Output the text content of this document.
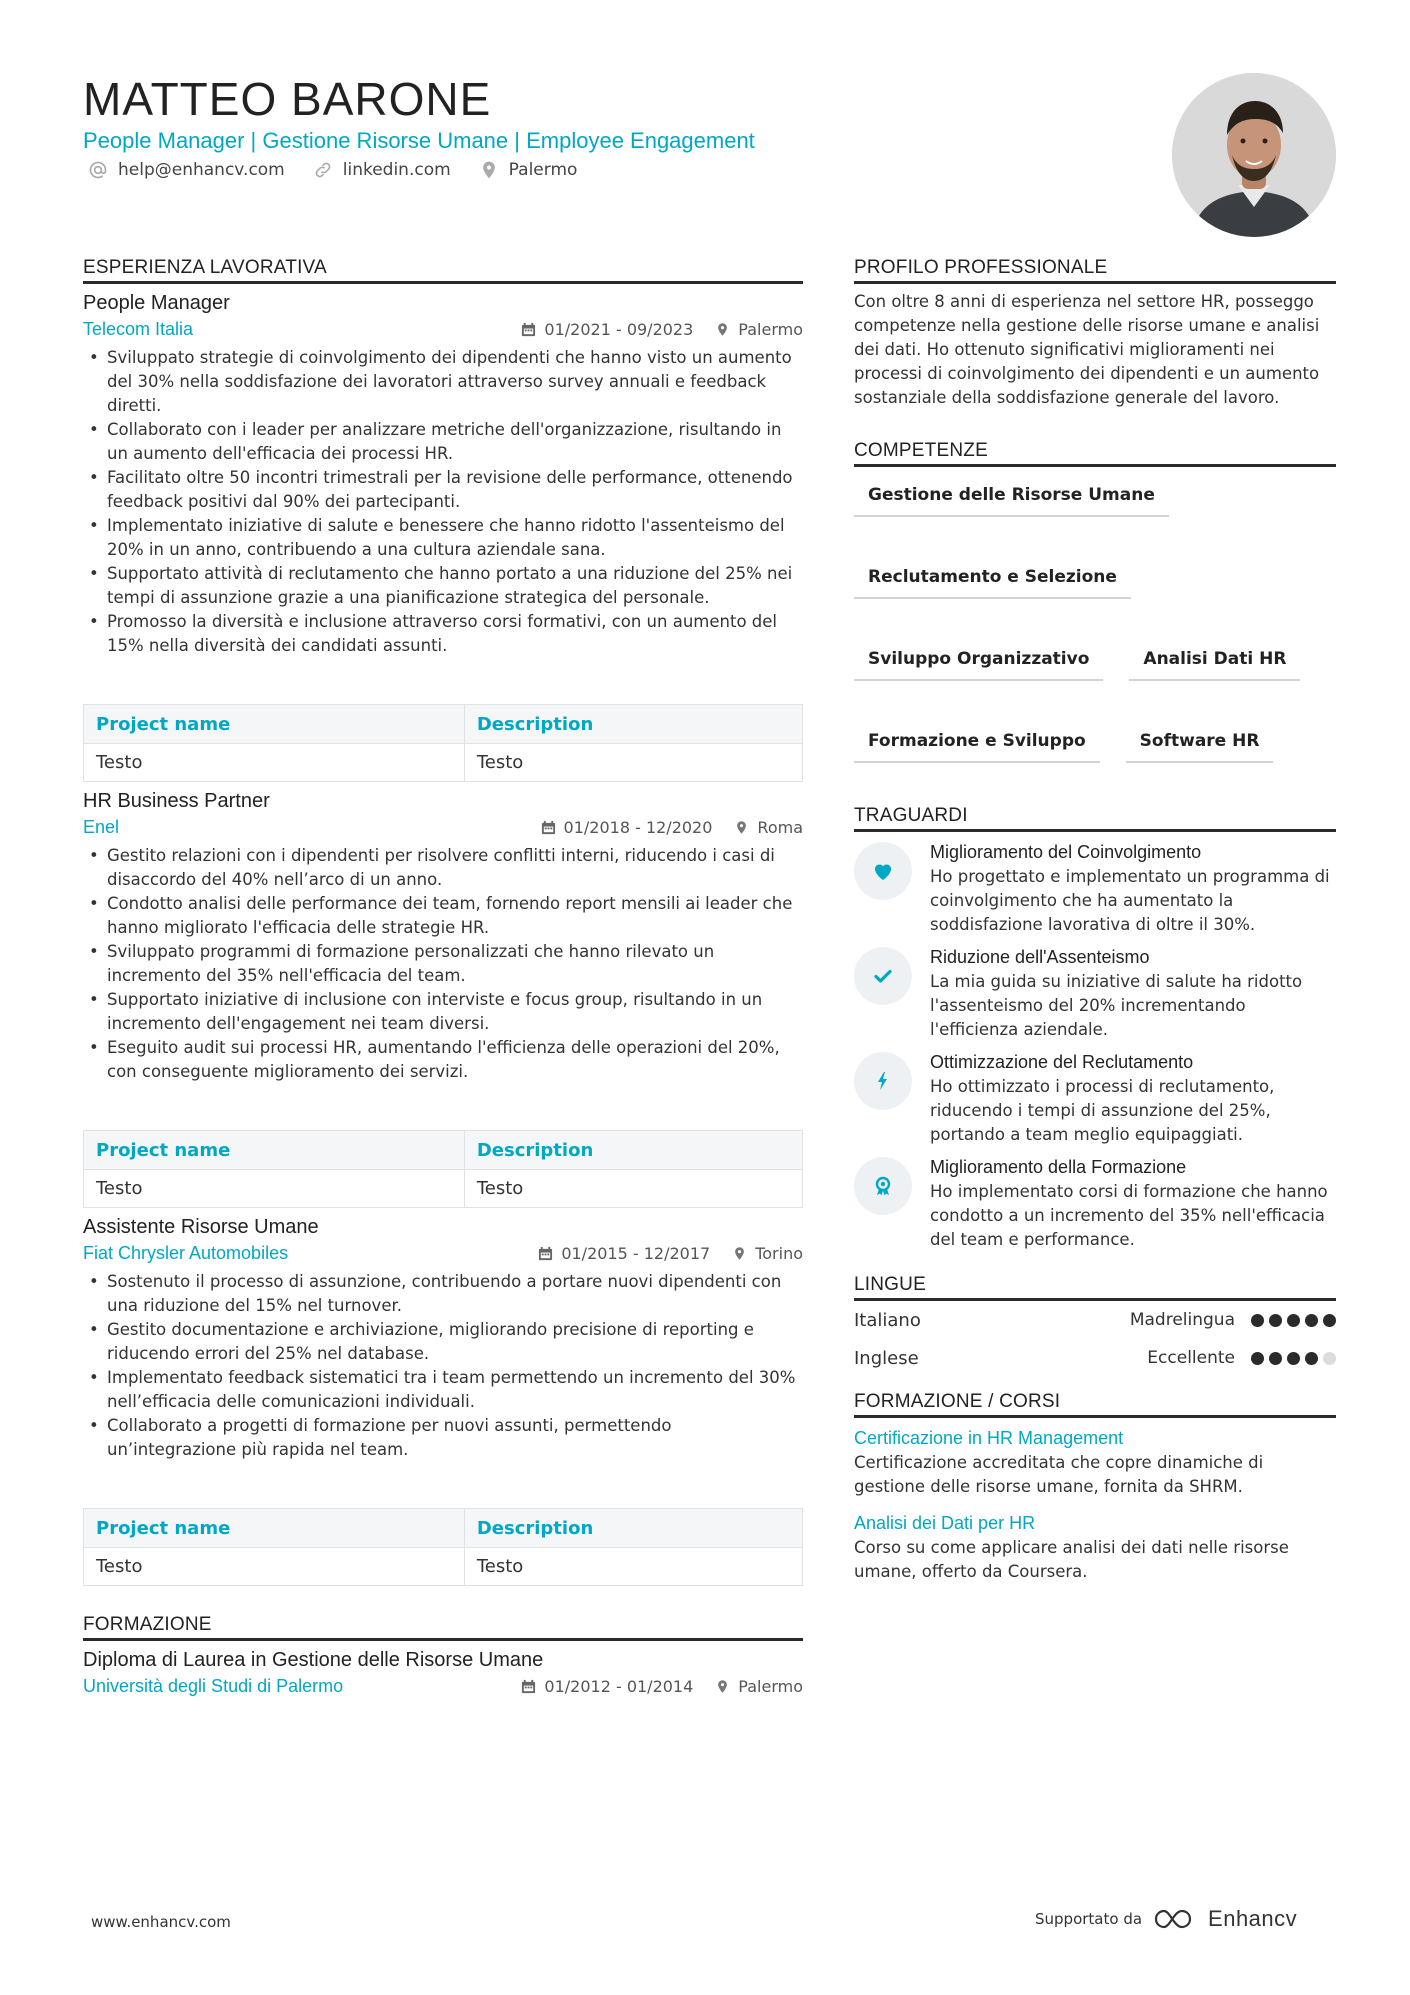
MATTEO BARONE
People Manager | Gestione Risorse Umane | Employee Engagement
help@enhancv.com	linkedin.com	Palermo
ESPERIENZA LAVORATIVA
People Manager
Telecom Italia	01/2021 - 09/2023	Palermo
• Sviluppato strategie di coinvolgimento dei dipendenti che hanno visto un aumento del 30% nella soddisfazione dei lavoratori attraverso survey annuali e feedback diretti.
• Collaborato con i leader per analizzare metriche dell'organizzazione, risultando in un aumento dell'efficacia dei processi HR.
• Facilitato oltre 50 incontri trimestrali per la revisione delle performance, ottenendo feedback positivi dal 90% dei partecipanti.
• Implementato iniziative di salute e benessere che hanno ridotto l'assenteismo del 20% in un anno, contribuendo a una cultura aziendale sana.
• Supportato attività di reclutamento che hanno portato a una riduzione del 25% nei tempi di assunzione grazie a una pianificazione strategica del personale.
• Promosso la diversità e inclusione attraverso corsi formativi, con un aumento del 15% nella diversità dei candidati assunti.
Project name	Description
Testo	Testo
HR Business Partner
Enel	01/2018 - 12/2020	Roma
• Gestito relazioni con i dipendenti per risolvere conflitti interni, riducendo i casi di disaccordo del 40% nell’arco di un anno.
• Condotto analisi delle performance dei team, fornendo report mensili ai leader che hanno migliorato l'efficacia delle strategie HR.
• Sviluppato programmi di formazione personalizzati che hanno rilevato un incremento del 35% nell'efficacia del team.
• Supportato iniziative di inclusione con interviste e focus group, risultando in un incremento dell'engagement nei team diversi.
• Eseguito audit sui processi HR, aumentando l'efficienza delle operazioni del 20%, con conseguente miglioramento dei servizi.
Project name	Description
Testo	Testo
Assistente Risorse Umane
Fiat Chrysler Automobiles	01/2015 - 12/2017	Torino
• Sostenuto il processo di assunzione, contribuendo a portare nuovi dipendenti con una riduzione del 15% nel turnover.
• Gestito documentazione e archiviazione, migliorando precisione di reporting e riducendo errori del 25% nel database.
• Implementato feedback sistematici tra i team permettendo un incremento del 30% nell’efficacia delle comunicazioni individuali.
• Collaborato a progetti di formazione per nuovi assunti, permettendo un’integrazione più rapida nel team.
Project name	Description
Testo	Testo
FORMAZIONE
Diploma di Laurea in Gestione delle Risorse Umane
Università degli Studi di Palermo	01/2012 - 01/2014	Palermo
PROFILO PROFESSIONALE
Con oltre 8 anni di esperienza nel settore HR, posseggo competenze nella gestione delle risorse umane e analisi dei dati. Ho ottenuto significativi miglioramenti nei processi di coinvolgimento dei dipendenti e un aumento sostanziale della soddisfazione generale del lavoro.
COMPETENZE
Gestione delle Risorse Umane
Reclutamento e Selezione
Sviluppo Organizzativo	Analisi Dati HR
Formazione e Sviluppo	Software HR
TRAGUARDI
Miglioramento del Coinvolgimento
Ho progettato e implementato un programma di coinvolgimento che ha aumentato la soddisfazione lavorativa di oltre il 30%.
Riduzione dell'Assenteismo
La mia guida su iniziative di salute ha ridotto l'assenteismo del 20% incrementando l'efficienza aziendale.
Ottimizzazione del Reclutamento
Ho ottimizzato i processi di reclutamento, riducendo i tempi di assunzione del 25%, portando a team meglio equipaggiati.
Miglioramento della Formazione
Ho implementato corsi di formazione che hanno condotto a un incremento del 35% nell'efficacia del team e performance.
LINGUE
Italiano	Madrelingua
Inglese	Eccellente
FORMAZIONE / CORSI
Certificazione in HR Management
Certificazione accreditata che copre dinamiche di gestione delle risorse umane, fornita da SHRM.
Analisi dei Dati per HR
Corso su come applicare analisi dei dati nelle risorse umane, offerto da Coursera.
www.enhancv.com	Supportato da	Enhancv
